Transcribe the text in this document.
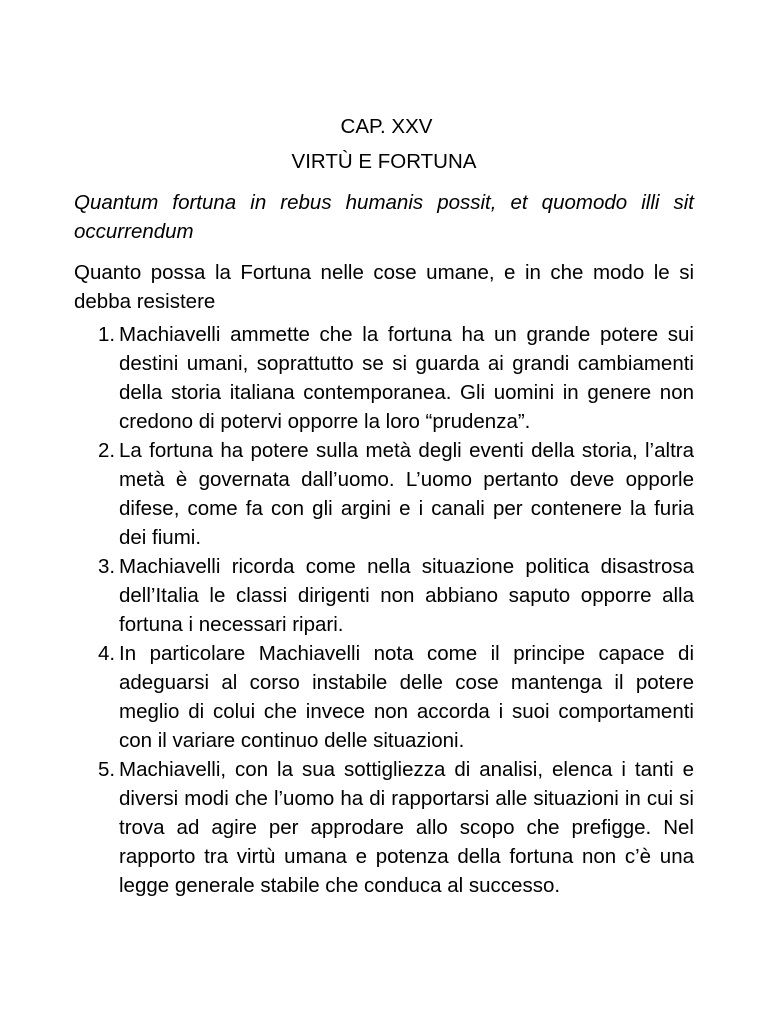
CAP. XXV
VIRTÙ E FORTUNA

Quantum fortuna in rebus humanis possit, et quomodo illi sit occurrendum

Quanto possa la Fortuna nelle cose umane, e in che modo le si debba resistere

1. Machiavelli ammette che la fortuna ha un grande potere sui destini umani, soprattutto se si guarda ai grandi cambiamenti della storia italiana contemporanea. Gli uomini in genere non credono di potervi opporre la loro “prudenza”.
2. La fortuna ha potere sulla metà degli eventi della storia, l’altra metà è governata dall’uomo. L’uomo pertanto deve opporle difese, come fa con gli argini e i canali per contenere la furia dei fiumi.
3. Machiavelli ricorda come nella situazione politica disastrosa dell’Italia le classi dirigenti non abbiano saputo opporre alla fortuna i necessari ripari.
4. In particolare Machiavelli nota come il principe capace di adeguarsi al corso instabile delle cose mantenga il potere meglio di colui che invece non accorda i suoi comportamenti con il variare continuo delle situazioni.
5. Machiavelli, con la sua sottigliezza di analisi, elenca i tanti e diversi modi che l’uomo ha di rapportarsi alle situazioni in cui si trova ad agire per approdare allo scopo che prefigge. Nel rapporto tra virtù umana e potenza della fortuna non c’è una legge generale stabile che conduca al successo.
